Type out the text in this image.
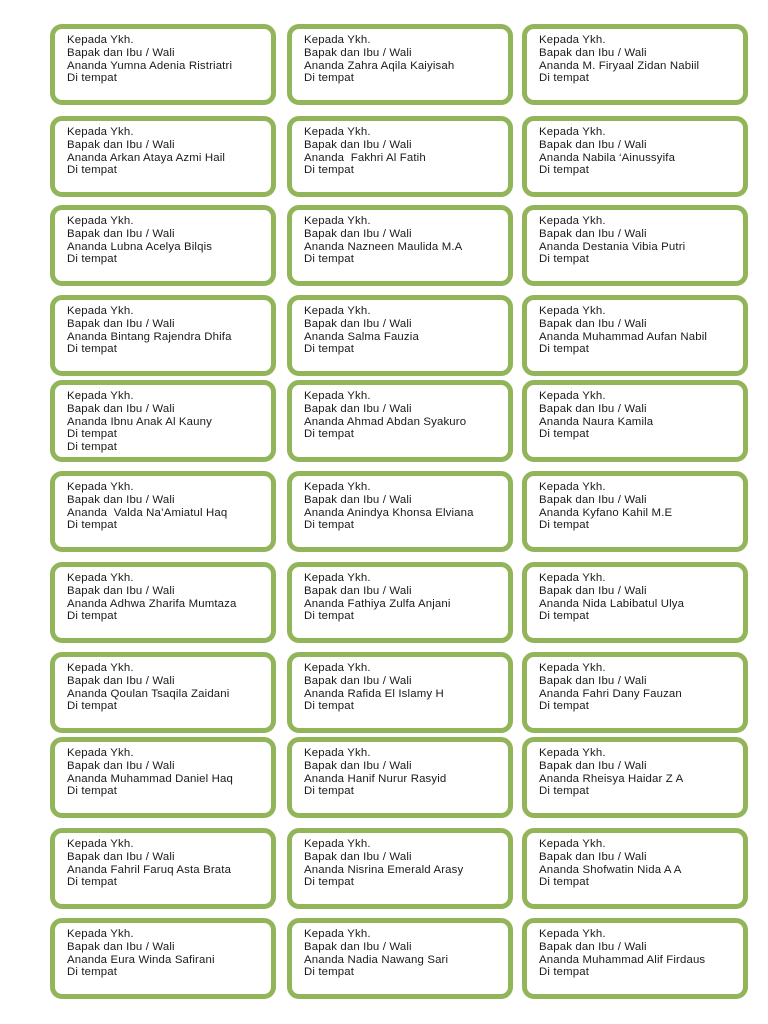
Kepada Ykh.
Bapak dan Ibu / Wali
Ananda Yumna Adenia Ristriatri
Di tempat
Kepada Ykh.
Bapak dan Ibu / Wali
Ananda Zahra Aqila Kaiyisah
Di tempat
Kepada Ykh.
Bapak dan Ibu / Wali
Ananda M. Firyaal Zidan Nabiil
Di tempat
Kepada Ykh.
Bapak dan Ibu / Wali
Ananda Arkan Ataya Azmi Hail
Di tempat
Kepada Ykh.
Bapak dan Ibu / Wali
Ananda  Fakhri Al Fatih
Di tempat
Kepada Ykh.
Bapak dan Ibu / Wali
Ananda Nabila ‘Ainussyifa
Di tempat
Kepada Ykh.
Bapak dan Ibu / Wali
Ananda Lubna Acelya Bilqis
Di tempat
Kepada Ykh.
Bapak dan Ibu / Wali
Ananda Nazneen Maulida M.A
Di tempat
Kepada Ykh.
Bapak dan Ibu / Wali
Ananda Destania Vibia Putri
Di tempat
Kepada Ykh.
Bapak dan Ibu / Wali
Ananda Bintang Rajendra Dhifa
Di tempat
Kepada Ykh.
Bapak dan Ibu / Wali
Ananda Salma Fauzia
Di tempat
Kepada Ykh.
Bapak dan Ibu / Wali
Ananda Muhammad Aufan Nabil
Di tempat
Kepada Ykh.
Bapak dan Ibu / Wali
Ananda Ibnu Anak Al Kauny
Di tempat
Di tempat
Kepada Ykh.
Bapak dan Ibu / Wali
Ananda Ahmad Abdan Syakuro
Di tempat
Kepada Ykh.
Bapak dan Ibu / Wali
Ananda Naura Kamila
Di tempat
Kepada Ykh.
Bapak dan Ibu / Wali
Ananda  Valda Na’Amiatul Haq
Di tempat
Kepada Ykh.
Bapak dan Ibu / Wali
Ananda Anindya Khonsa Elviana
Di tempat
Kepada Ykh.
Bapak dan Ibu / Wali
Ananda Kyfano Kahil M.E
Di tempat
Kepada Ykh.
Bapak dan Ibu / Wali
Ananda Adhwa Zharifa Mumtaza
Di tempat
Kepada Ykh.
Bapak dan Ibu / Wali
Ananda Fathiya Zulfa Anjani
Di tempat
Kepada Ykh.
Bapak dan Ibu / Wali
Ananda Nida Labibatul Ulya
Di tempat
Kepada Ykh.
Bapak dan Ibu / Wali
Ananda Qoulan Tsaqila Zaidani
Di tempat
Kepada Ykh.
Bapak dan Ibu / Wali
Ananda Rafida El Islamy H
Di tempat
Kepada Ykh.
Bapak dan Ibu / Wali
Ananda Fahri Dany Fauzan
Di tempat
Kepada Ykh.
Bapak dan Ibu / Wali
Ananda Muhammad Daniel Haq
Di tempat
Kepada Ykh.
Bapak dan Ibu / Wali
Ananda Hanif Nurur Rasyid
Di tempat
Kepada Ykh.
Bapak dan Ibu / Wali
Ananda Rheisya Haidar Z A
Di tempat
Kepada Ykh.
Bapak dan Ibu / Wali
Ananda Fahril Faruq Asta Brata
Di tempat
Kepada Ykh.
Bapak dan Ibu / Wali
Ananda Nisrina Emerald Arasy
Di tempat
Kepada Ykh.
Bapak dan Ibu / Wali
Ananda Shofwatin Nida A A
Di tempat
Kepada Ykh.
Bapak dan Ibu / Wali
Ananda Eura Winda Safirani
Di tempat
Kepada Ykh.
Bapak dan Ibu / Wali
Ananda Nadia Nawang Sari
Di tempat
Kepada Ykh.
Bapak dan Ibu / Wali
Ananda Muhammad Alif Firdaus
Di tempat
